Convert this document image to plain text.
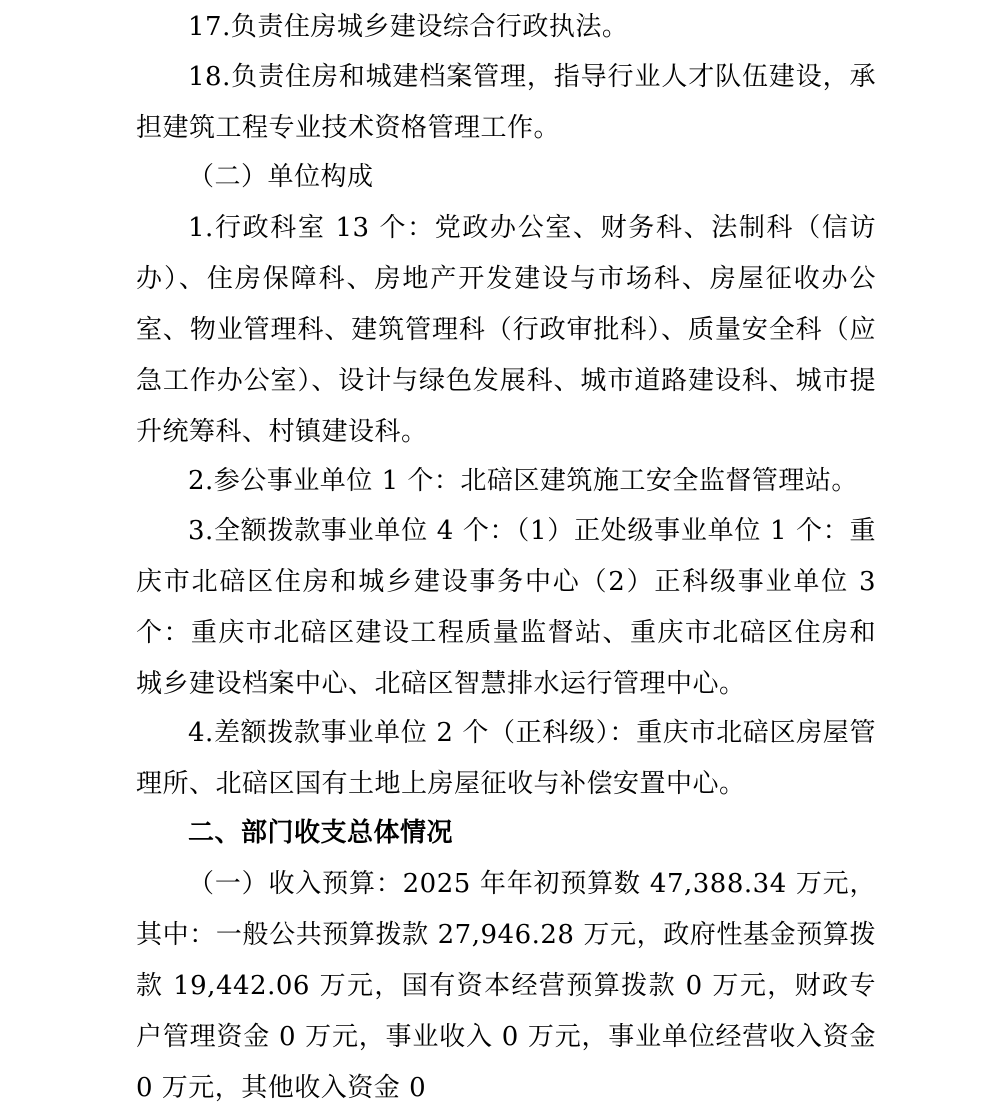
17.负责住房城乡建设综合行政执法。
18.负责住房和城建档案管理，指导行业人才队伍建设，承担建筑工程专业技术资格管理工作。
（二）单位构成
1.行政科室 13 个：党政办公室、财务科、法制科（信访办）、住房保障科、房地产开发建设与市场科、房屋征收办公室、物业管理科、建筑管理科（行政审批科）、质量安全科（应急工作办公室）、设计与绿色发展科、城市道路建设科、城市提升统筹科、村镇建设科。
2.参公事业单位 1 个：北碚区建筑施工安全监督管理站。
3.全额拨款事业单位 4 个：（1）正处级事业单位 1 个：重庆市北碚区住房和城乡建设事务中心（2）正科级事业单位 3 个：重庆市北碚区建设工程质量监督站、重庆市北碚区住房和城乡建设档案中心、北碚区智慧排水运行管理中心。
4.差额拨款事业单位 2 个（正科级）：重庆市北碚区房屋管理所、北碚区国有土地上房屋征收与补偿安置中心。
二、部门收支总体情况
（一）收入预算：2025 年年初预算数 47,388.34 万元，其中：一般公共预算拨款 27,946.28 万元，政府性基金预算拨款 19,442.06 万元，国有资本经营预算拨款 0 万元，财政专户管理资金 0 万元，事业收入 0 万元，事业单位经营收入资金 0 万元，其他收入资金 0
